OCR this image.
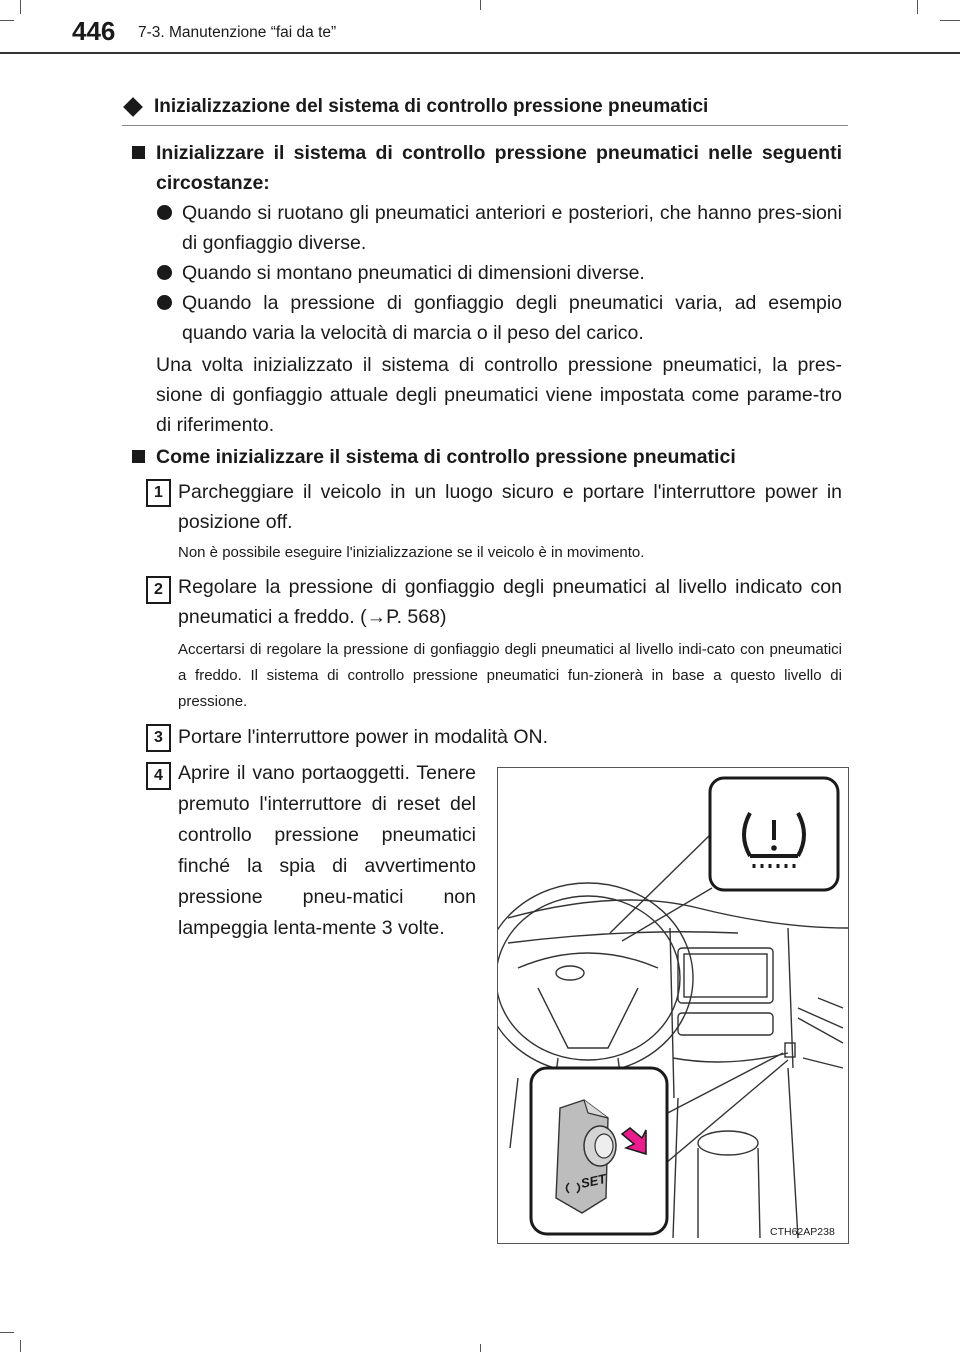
446 7-3. Manutenzione “fai da te”
Inizializzazione del sistema di controllo pressione pneumatici
Inizializzare il sistema di controllo pressione pneumatici nelle seguenti circostanze:
Quando si ruotano gli pneumatici anteriori e posteriori, che hanno pres-sioni di gonfiaggio diverse.
Quando si montano pneumatici di dimensioni diverse.
Quando la pressione di gonfiaggio degli pneumatici varia, ad esempio quando varia la velocità di marcia o il peso del carico.
Una volta inizializzato il sistema di controllo pressione pneumatici, la pres-sione di gonfiaggio attuale degli pneumatici viene impostata come parame-tro di riferimento.
Come inizializzare il sistema di controllo pressione pneumatici
1 Parcheggiare il veicolo in un luogo sicuro e portare l'interruttore power in posizione off.
Non è possibile eseguire l'inizializzazione se il veicolo è in movimento.
2 Regolare la pressione di gonfiaggio degli pneumatici al livello indicato con pneumatici a freddo. (→P. 568)
Accertarsi di regolare la pressione di gonfiaggio degli pneumatici al livello indi-cato con pneumatici a freddo. Il sistema di controllo pressione pneumatici fun-zionerà in base a questo livello di pressione.
3 Portare l'interruttore power in modalità ON.
4 Aprire il vano portaoggetti. Tenere premuto l'interruttore di reset del controllo pressione pneumatici finché la spia di avvertimento pressione pneu-matici non lampeggia lenta-mente 3 volte.
SET
CTH62AP238
